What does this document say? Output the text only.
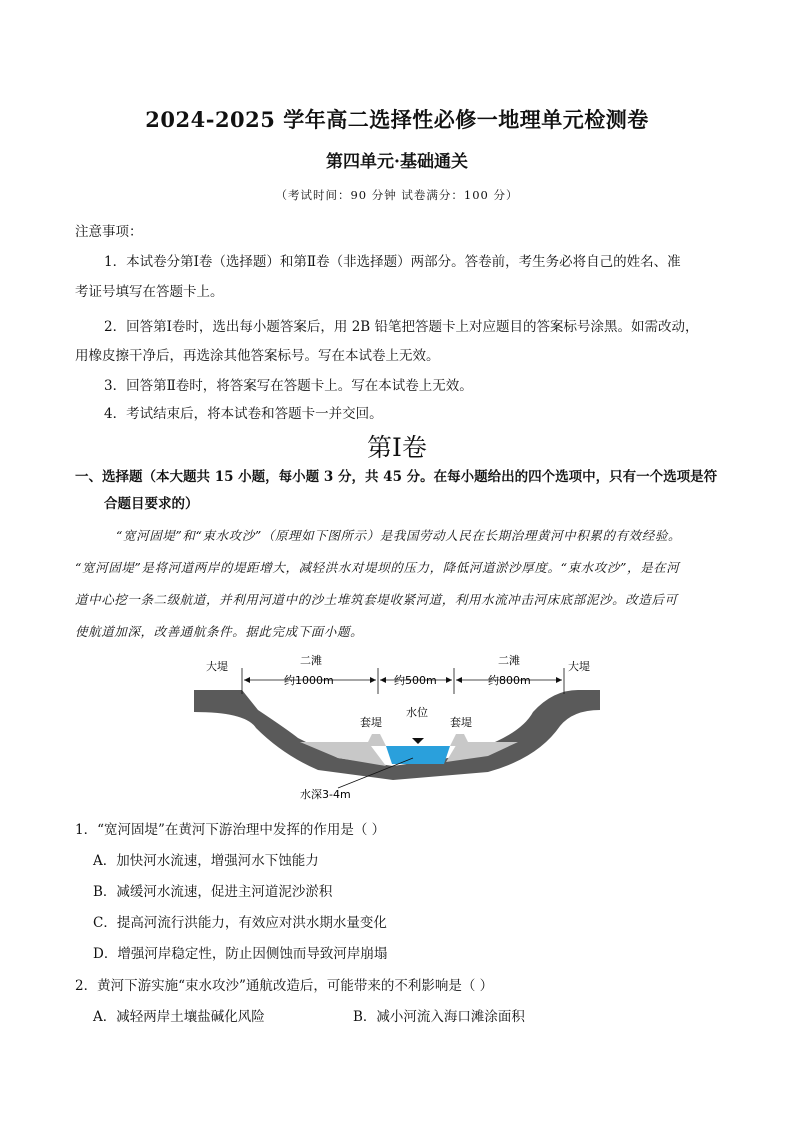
2024-2025 学年高二选择性必修一地理单元检测卷
第四单元·基础通关
（考试时间：90 分钟 试卷满分：100 分）
注意事项：
1．本试卷分第Ⅰ卷（选择题）和第Ⅱ卷（非选择题）两部分。答卷前，考生务必将自己的姓名、准
考证号填写在答题卡上。
2．回答第Ⅰ卷时，选出每小题答案后，用 2B 铅笔把答题卡上对应题目的答案标号涂黑。如需改动，
用橡皮擦干净后，再选涂其他答案标号。写在本试卷上无效。
3．回答第Ⅱ卷时，将答案写在答题卡上。写在本试卷上无效。
4．考试结束后，将本试卷和答题卡一并交回。
第Ⅰ卷
一、选择题（本大题共 15 小题，每小题 3 分，共 45 分。在每小题给出的四个选项中，只有一个选项是符
合题目要求的）
“宽河固堤”和“束水攻沙”（原理如下图所示）是我国劳动人民在长期治理黄河中积累的有效经验。
“宽河固堤”是将河道两岸的堤距增大，减轻洪水对堤坝的压力，降低河道淤沙厚度。“束水攻沙”，是在河
道中心挖一条二级航道，并利用河道中的沙土堆筑套堤收紧河道，利用水流冲击河床底部泥沙。改造后可
使航道加深，改善通航条件。据此完成下面小题。
大堤	大堤
二滩	二滩
约1000m	约500m	约800m
套堤	套堤
水位
水深3-4m
1．“宽河固堤”在黄河下游治理中发挥的作用是（ ）
A．加快河水流速，增强河水下蚀能力
B．减缓河水流速，促进主河道泥沙淤积
C．提高河流行洪能力，有效应对洪水期水量变化
D．增强河岸稳定性，防止因侧蚀而导致河岸崩塌
2．黄河下游实施“束水攻沙”通航改造后，可能带来的不利影响是（ ）
A．减轻两岸土壤盐碱化风险	B．减小河流入海口滩涂面积
